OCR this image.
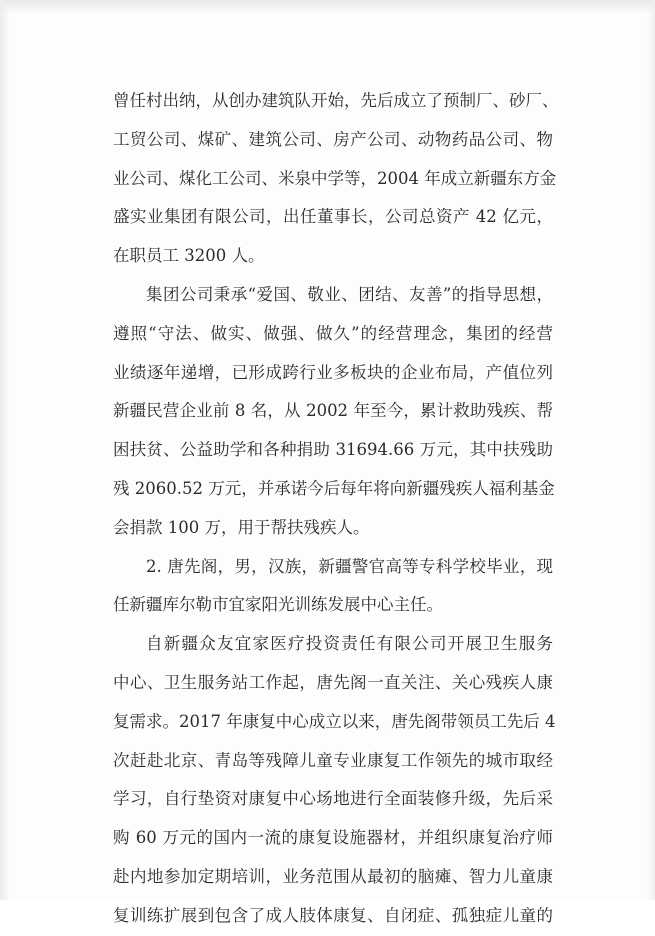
曾任村出纳，从创办建筑队开始，先后成立了预制厂、砂厂、
工贸公司、煤矿、建筑公司、房产公司、动物药品公司、物
业公司、煤化工公司、米泉中学等，2004 年成立新疆东方金
盛实业集团有限公司，出任董事长，公司总资产 42 亿元，
在职员工 3200 人。
集团公司秉承“爱国、敬业、团结、友善”的指导思想，
遵照“守法、做实、做强、做久”的经营理念，集团的经营
业绩逐年递增，已形成跨行业多板块的企业布局，产值位列
新疆民营企业前 8 名，从 2002 年至今，累计救助残疾、帮
困扶贫、公益助学和各种捐助 31694.66 万元，其中扶残助
残 2060.52 万元，并承诺今后每年将向新疆残疾人福利基金
会捐款 100 万，用于帮扶残疾人。
2. 唐先阁，男，汉族，新疆警官高等专科学校毕业，现
任新疆库尔勒市宜家阳光训练发展中心主任。
自新疆众友宜家医疗投资责任有限公司开展卫生服务
中心、卫生服务站工作起，唐先阁一直关注、关心残疾人康
复需求。2017 年康复中心成立以来，唐先阁带领员工先后 4
次赶赴北京、青岛等残障儿童专业康复工作领先的城市取经
学习，自行垫资对康复中心场地进行全面装修升级，先后采
购 60 万元的国内一流的康复设施器材，并组织康复治疗师
赴内地参加定期培训，业务范围从最初的脑瘫、智力儿童康
复训练扩展到包含了成人肢体康复、自闭症、孤独症儿童的
